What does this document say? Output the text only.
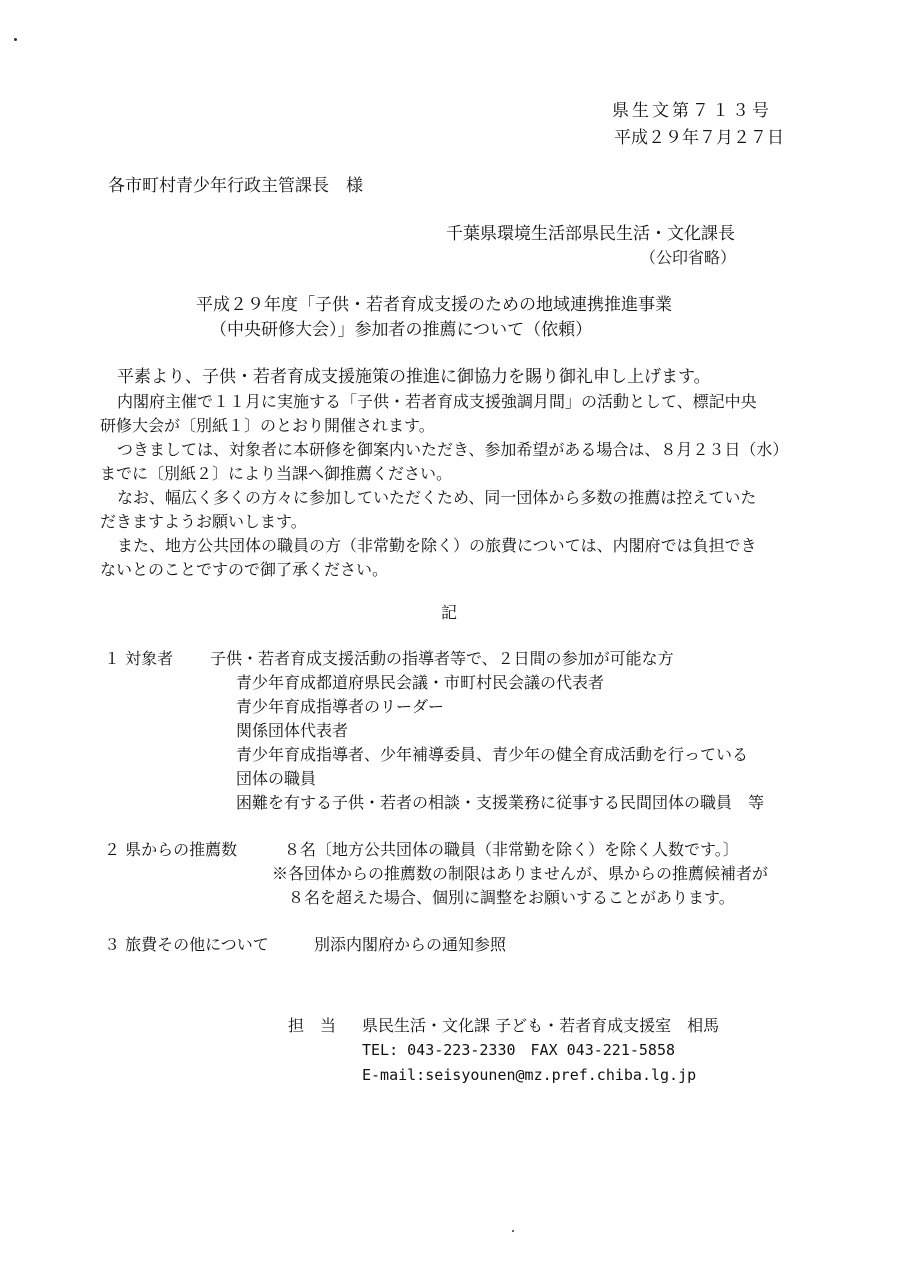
県生文第７１３号
平成２９年７月２７日
各市町村青少年行政主管課長　様
千葉県環境生活部県民生活・文化課長
（公印省略）
平成２９年度「子供・若者育成支援のための地域連携推進事業
（中央研修大会）」参加者の推薦について（依頼）
平素より、子供・若者育成支援施策の推進に御協力を賜り御礼申し上げます。
内閣府主催で１１月に実施する「子供・若者育成支援強調月間」の活動として、標記中央
研修大会が〔別紙１〕のとおり開催されます。
つきましては、対象者に本研修を御案内いただき、参加希望がある場合は、８月２３日（水）
までに〔別紙２〕により当課へ御推薦ください。
なお、幅広く多くの方々に参加していただくため、同一団体から多数の推薦は控えていた
だきますようお願いします。
また、地方公共団体の職員の方（非常勤を除く）の旅費については、内閣府では負担でき
ないとのことですので御了承ください。
記
１ 対象者 子供・若者育成支援活動の指導者等で、２日間の参加が可能な方
青少年育成都道府県民会議・市町村民会議の代表者
青少年育成指導者のリーダー
関係団体代表者
青少年育成指導者、少年補導委員、青少年の健全育成活動を行っている
団体の職員
困難を有する子供・若者の相談・支援業務に従事する民間団体の職員　等
２ 県からの推薦数	８名〔地方公共団体の職員（非常勤を除く）を除く人数です。〕
※各団体からの推薦数の制限はありませんが、県からの推薦候補者が
８名を超えた場合、個別に調整をお願いすることがあります。
３ 旅費その他について	別添内閣府からの通知参照
担　当 県民生活・文化課 子ども・若者育成支援室　相馬
TEL: 043-223-2330　FAX 043-221-5858
E-mail:seisyounen@mz.pref.chiba.lg.jp
